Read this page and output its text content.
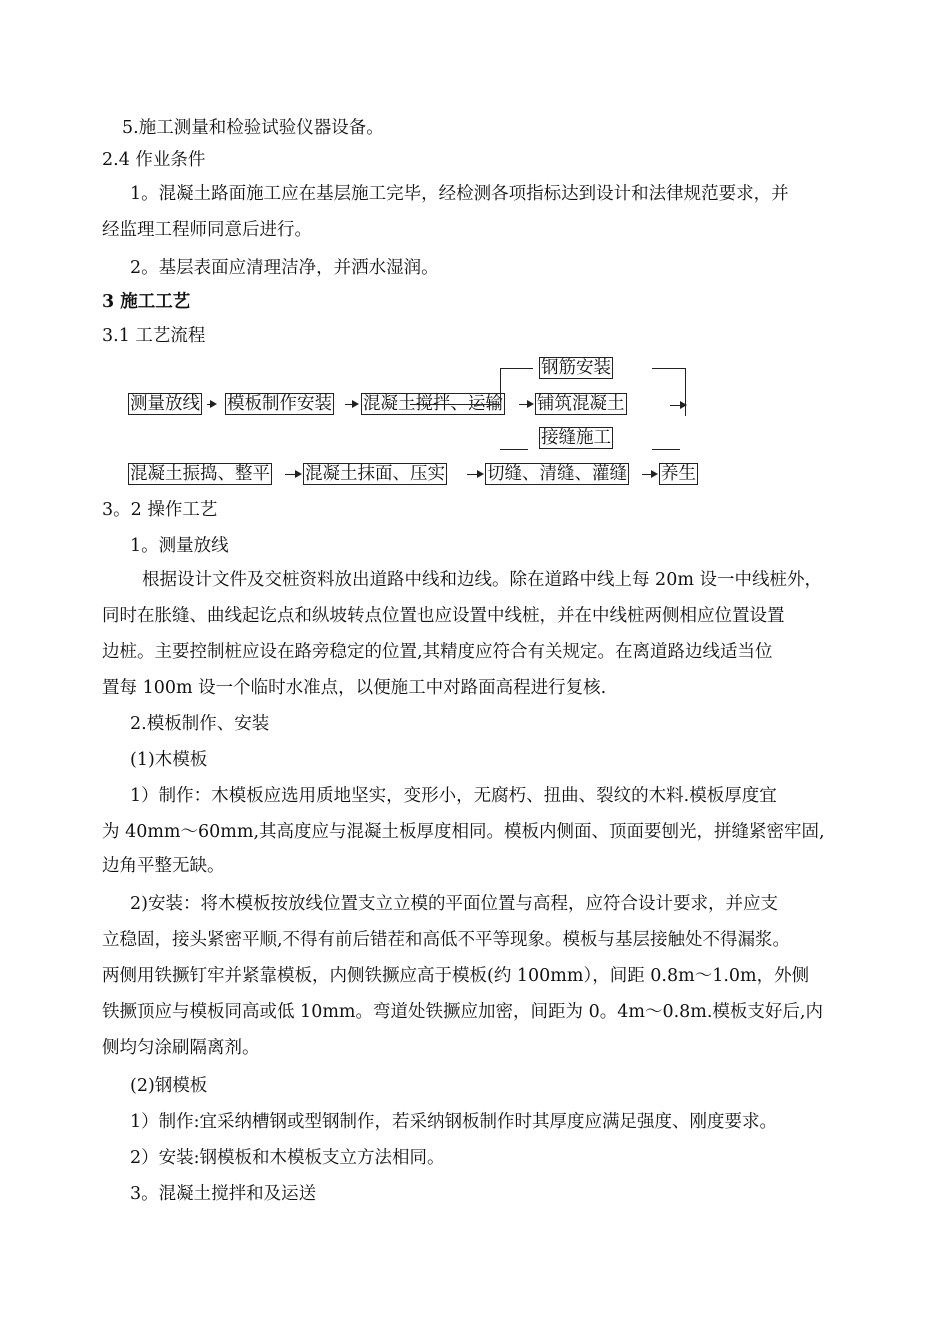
5.施工测量和检验试验仪器设备。
2.4 作业条件
1。混凝土路面施工应在基层施工完毕，经检测各项指标达到设计和法律规范要求，并
经监理工程师同意后进行。
2。基层表面应清理洁净，并洒水湿润。
3 施工工艺
3.1 工艺流程
测量放线 模板制作安装 混凝土搅拌、运输 铺筑混凝土
钢筋安装
接缝施工
混凝土振捣、整平 混凝土抹面、压实 切缝、清缝、灌缝 养生
3。2 操作工艺
1。测量放线
根据设计文件及交桩资料放出道路中线和边线。除在道路中线上每 20m 设一中线桩外，
同时在胀缝、曲线起讫点和纵坡转点位置也应设置中线桩，并在中线桩两侧相应位置设置
边桩。主要控制桩应设在路旁稳定的位置,其精度应符合有关规定。在离道路边线适当位
置每 100m 设一个临时水准点，以便施工中对路面高程进行复核.
2.模板制作、安装
(1)木模板
1）制作：木模板应选用质地坚实，变形小，无腐朽、扭曲、裂纹的木料.模板厚度宜
为 40mm～60mm,其高度应与混凝土板厚度相同。模板内侧面、顶面要刨光，拼缝紧密牢固,
边角平整无缺。
2)安装：将木模板按放线位置支立立模的平面位置与高程，应符合设计要求，并应支
立稳固，接头紧密平顺,不得有前后错茬和高低不平等现象。模板与基层接触处不得漏浆。
两侧用铁撅钉牢并紧靠模板，内侧铁撅应高于模板(约 100mm），间距 0.8m～1.0m，外侧
铁撅顶应与模板同高或低 10mm。弯道处铁撅应加密，间距为 0。4m～0.8m.模板支好后,内
侧均匀涂刷隔离剂。
(2)钢模板
1）制作:宜采纳槽钢或型钢制作，若采纳钢板制作时其厚度应满足强度、刚度要求。
2）安装:钢模板和木模板支立方法相同。
3。混凝土搅拌和及运送
